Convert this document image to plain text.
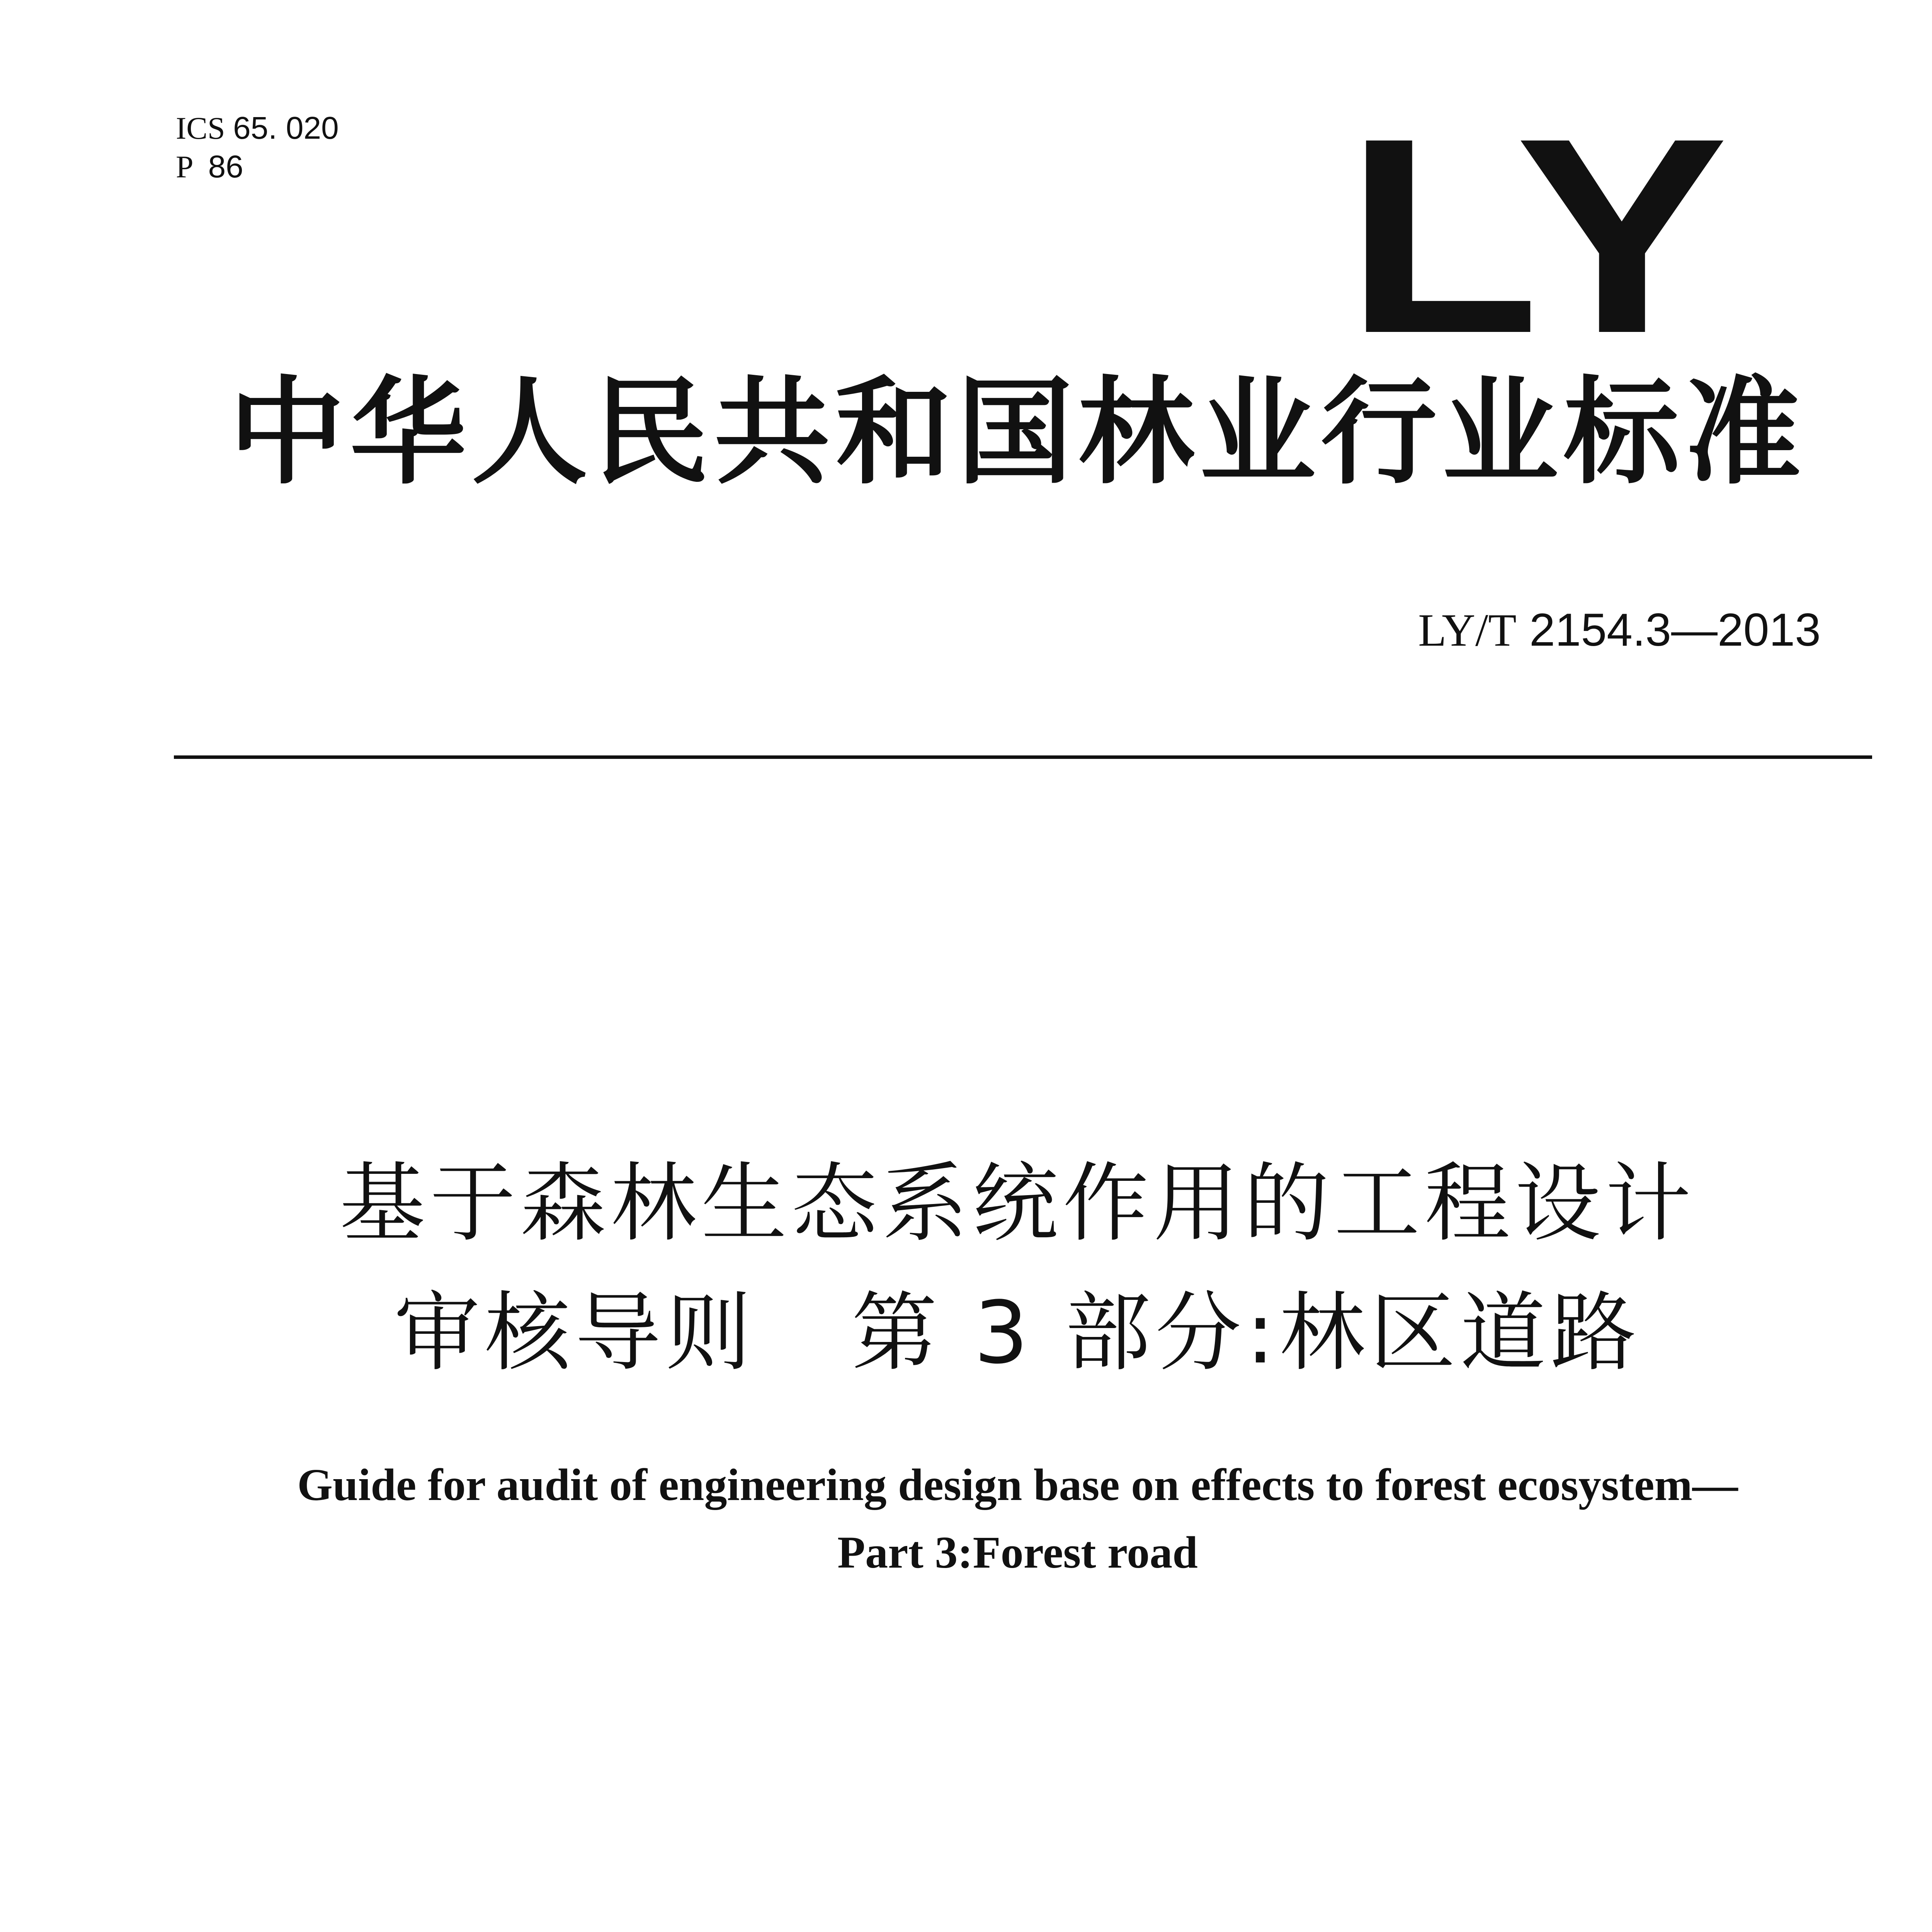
ICS 65. 020
P 86	LY
中华人民共和国林业行业标准
LY/T 2154.3—2013
基于森林生态系统作用的工程设计
审核导则   第 3 部分:林区道路
Guide for audit of engineering design base on effects to forest ecosystem—
Part 3:Forest road
